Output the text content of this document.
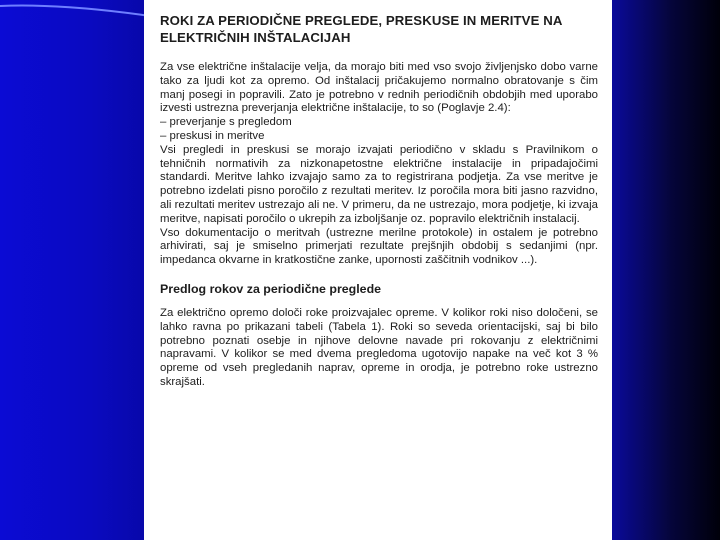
ROKI ZA PERIODIČNE PREGLEDE, PRESKUSE IN MERITVE NA
ELEKTRIČNIH INŠTALACIJAH

Za vse električne inštalacije velja, da morajo biti med vso svojo življenjsko dobo varne tako za ljudi kot za opremo. Od inštalacij pričakujemo normalno obratovanje s čim manj posegi in popravili. Zato je potrebno v rednih periodičnih obdobjih med uporabo izvesti ustrezna preverjanja električne inštalacije, to so (Poglavje 2.4):

– preverjanje s pregledom

– preskusi in meritve

Vsi pregledi in preskusi se morajo izvajati periodično v skladu s Pravilnikom o tehničnih normativih za nizkonapetostne električne instalacije in pripadajočimi standardi. Meritve lahko izvajajo samo za to registrirana podjetja. Za vse meritve je potrebno izdelati pisno poročilo z rezultati meritev. Iz poročila mora biti jasno razvidno, ali rezultati meritev ustrezajo ali ne. V primeru, da ne ustrezajo, mora podjetje, ki izvaja meritve, napisati poročilo o ukrepih za izboljšanje oz. popravilo električnih instalacij.

Vso dokumentacijo o meritvah (ustrezne merilne protokole) in ostalem je potrebno arhivirati, saj je smiselno primerjati rezultate prejšnjih obdobij s sedanjimi (npr. impedanca okvarne in kratkostične zanke, upornosti zaščitnih vodnikov ...).

Predlog rokov za periodične preglede

Za električno opremo določi roke proizvajalec opreme. V kolikor roki niso določeni, se lahko ravna po prikazani tabeli (Tabela 1). Roki so seveda orientacijski, saj bi bilo potrebno poznati osebje in njihove delovne navade pri rokovanju z električnimi napravami. V kolikor se med dvema pregledoma ugotovijo napake na več kot 3 % opreme od vseh pregledanih naprav, opreme in orodja, je potrebno roke ustrezno skrajšati.
